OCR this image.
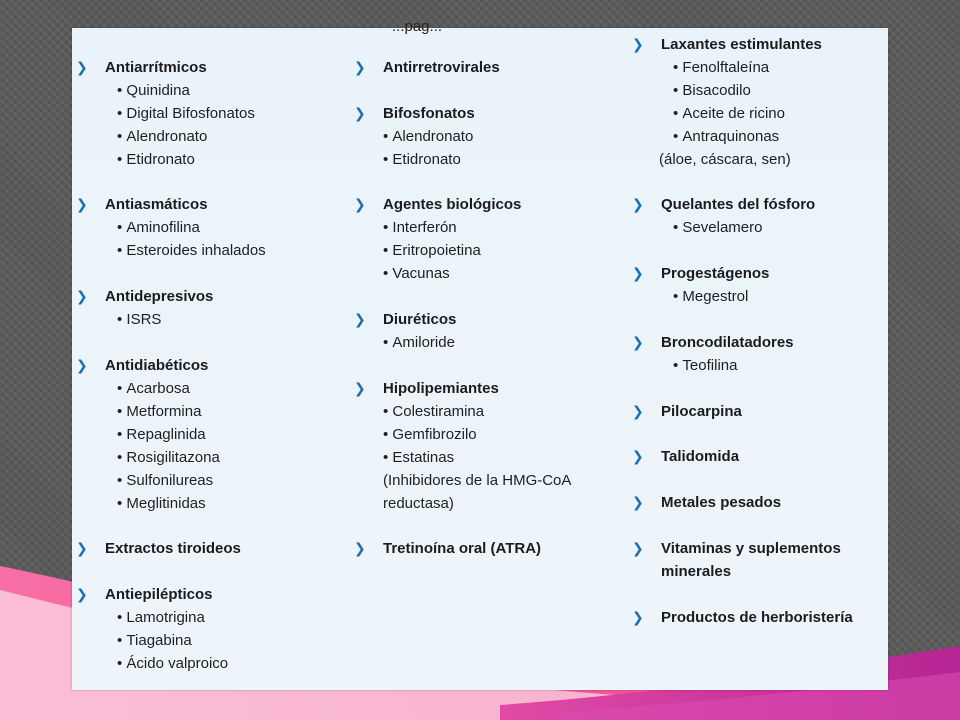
...pag...
❯ Antiarrítmicos
• Quinidina
• Digital Bifosfonatos
• Alendronato
• Etidronato
❯ Antiasmáticos
• Aminofilina
• Esteroides inhalados
❯ Antidepresivos
• ISRS
❯ Antidiabéticos
• Acarbosa
• Metformina
• Repaglinida
• Rosigilitazona
• Sulfonilureas
• Meglitinidas
❯ Extractos tiroideos
❯ Antiepilépticos
• Lamotrigina
• Tiagabina
• Ácido valproico
❯ Antirretrovirales
❯ Bifosfonatos
• Alendronato
• Etidronato
❯ Agentes biológicos
• Interferón
• Eritropoietina
• Vacunas
❯ Diuréticos
• Amiloride
❯ Hipolipemiantes
• Colestiramina
• Gemfibrozilo
• Estatinas
(Inhibidores de la HMG-CoA
reductasa)
❯ Tretinoína oral (ATRA)
❯ Laxantes estimulantes
• Fenolftaleína
• Bisacodilo
• Aceite de ricino
• Antraquinonas
(áloe, cáscara, sen)
❯ Quelantes del fósforo
• Sevelamero
❯ Progestágenos
• Megestrol
❯ Broncodilatadores
• Teofilina
❯ Pilocarpina
❯ Talidomida
❯ Metales pesados
❯ Vitaminas y suplementos
minerales
❯ Productos de herboristería
